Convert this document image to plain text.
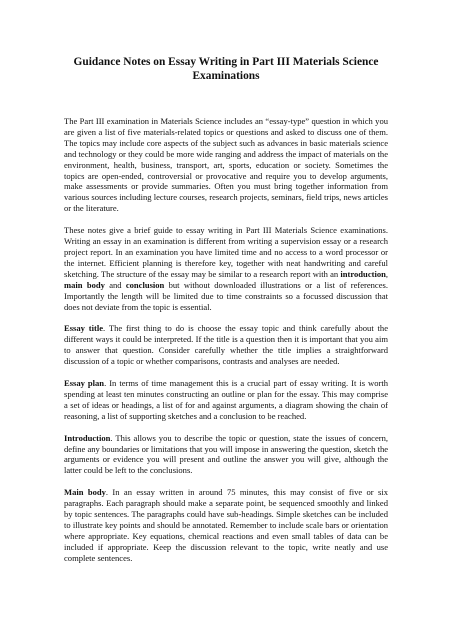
Guidance Notes on Essay Writing in Part III Materials Science Examinations

The Part III examination in Materials Science includes an “essay-type” question in which you are given a list of five materials-related topics or questions and asked to discuss one of them. The topics may include core aspects of the subject such as advances in basic materials science and technology or they could be more wide ranging and address the impact of materials on the environment, health, business, transport, art, sports, education or society. Sometimes the topics are open-ended, controversial or provocative and require you to develop arguments, make assessments or provide summaries. Often you must bring together information from various sources including lecture courses, research projects, seminars, field trips, news articles or the literature.

These notes give a brief guide to essay writing in Part III Materials Science examinations. Writing an essay in an examination is different from writing a supervision essay or a research project report. In an examination you have limited time and no access to a word processor or the internet. Efficient planning is therefore key, together with neat handwriting and careful sketching. The structure of the essay may be similar to a research report with an introduction, main body and conclusion but without downloaded illustrations or a list of references. Importantly the length will be limited due to time constraints so a focussed discussion that does not deviate from the topic is essential.

Essay title. The first thing to do is choose the essay topic and think carefully about the different ways it could be interpreted. If the title is a question then it is important that you aim to answer that question. Consider carefully whether the title implies a straightforward discussion of a topic or whether comparisons, contrasts and analyses are needed.

Essay plan. In terms of time management this is a crucial part of essay writing. It is worth spending at least ten minutes constructing an outline or plan for the essay. This may comprise a set of ideas or headings, a list of for and against arguments, a diagram showing the chain of reasoning, a list of supporting sketches and a conclusion to be reached.

Introduction. This allows you to describe the topic or question, state the issues of concern, define any boundaries or limitations that you will impose in answering the question, sketch the arguments or evidence you will present and outline the answer you will give, although the latter could be left to the conclusions.

Main body. In an essay written in around 75 minutes, this may consist of five or six paragraphs. Each paragraph should make a separate point, be sequenced smoothly and linked by topic sentences. The paragraphs could have sub-headings. Simple sketches can be included to illustrate key points and should be annotated. Remember to include scale bars or orientation where appropriate. Key equations, chemical reactions and even small tables of data can be included if appropriate. Keep the discussion relevant to the topic, write neatly and use complete sentences.
